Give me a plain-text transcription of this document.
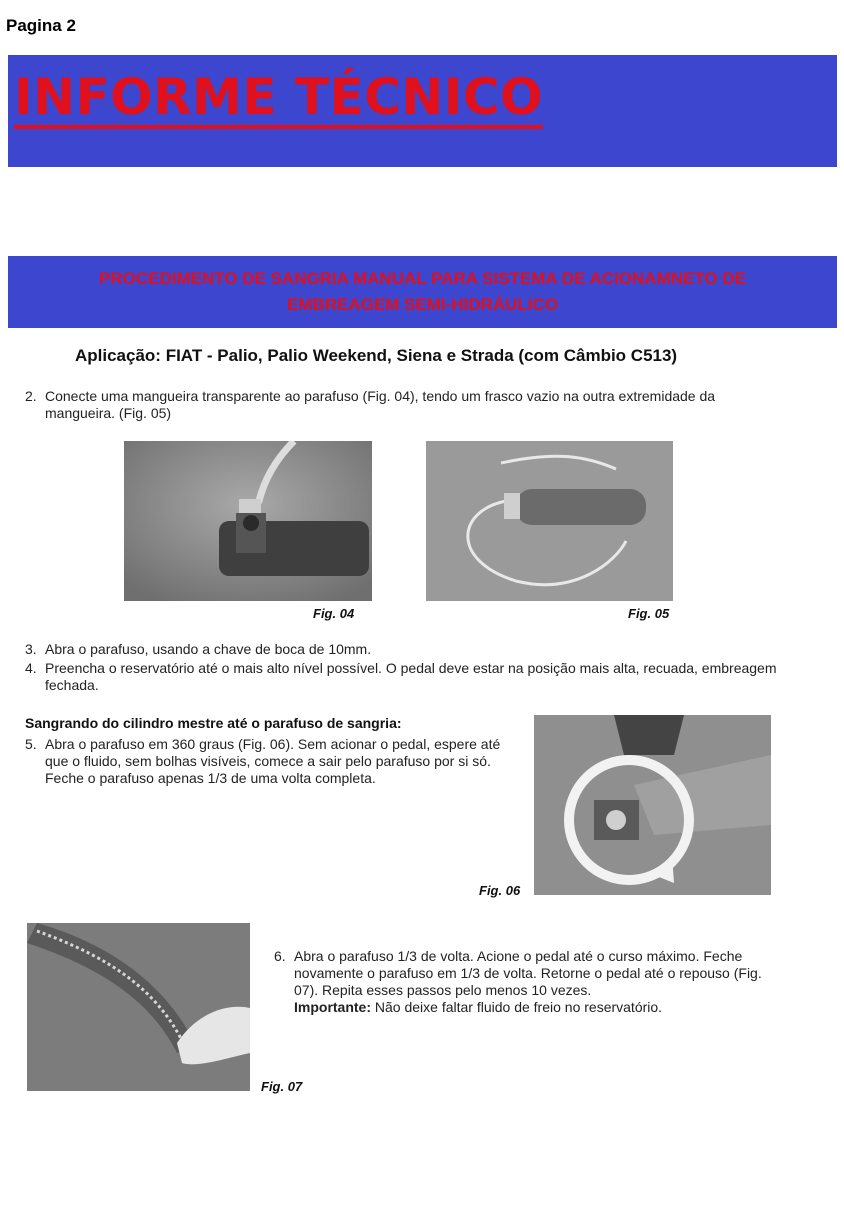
Pagina 2
INFORME TÉCNICO
PROCEDIMENTO DE SANGRIA MANUAL PARA SISTEMA DE ACIONAMNETO DE EMBREAGEM SEMI-HIDRÁULICO
Aplicação: FIAT - Palio, Palio Weekend, Siena e Strada (com Câmbio C513)
2. Conecte uma mangueira transparente ao parafuso (Fig. 04), tendo um frasco vazio na outra extremidade da mangueira. (Fig. 05)
Fig. 04	Fig. 05
3. Abra o parafuso, usando a chave de boca de 10mm.
4. Preencha o reservatório até o mais alto nível possível. O pedal deve estar na posição mais alta, recuada, embreagem fechada.
Sangrando do cilindro mestre até o parafuso de sangria:
5. Abra o parafuso em 360 graus (Fig. 06). Sem acionar o pedal, espere até que o fluido, sem bolhas visíveis, comece a sair pelo parafuso por si só. Feche o parafuso apenas 1/3 de uma volta completa.
Fig. 06
Fig. 07
6. Abra o parafuso 1/3 de volta. Acione o pedal até o curso máximo. Feche novamente o parafuso em 1/3 de volta. Retorne o pedal até o repouso (Fig. 07). Repita esses passos pelo menos 10 vezes.
Importante: Não deixe faltar fluido de freio no reservatório.
